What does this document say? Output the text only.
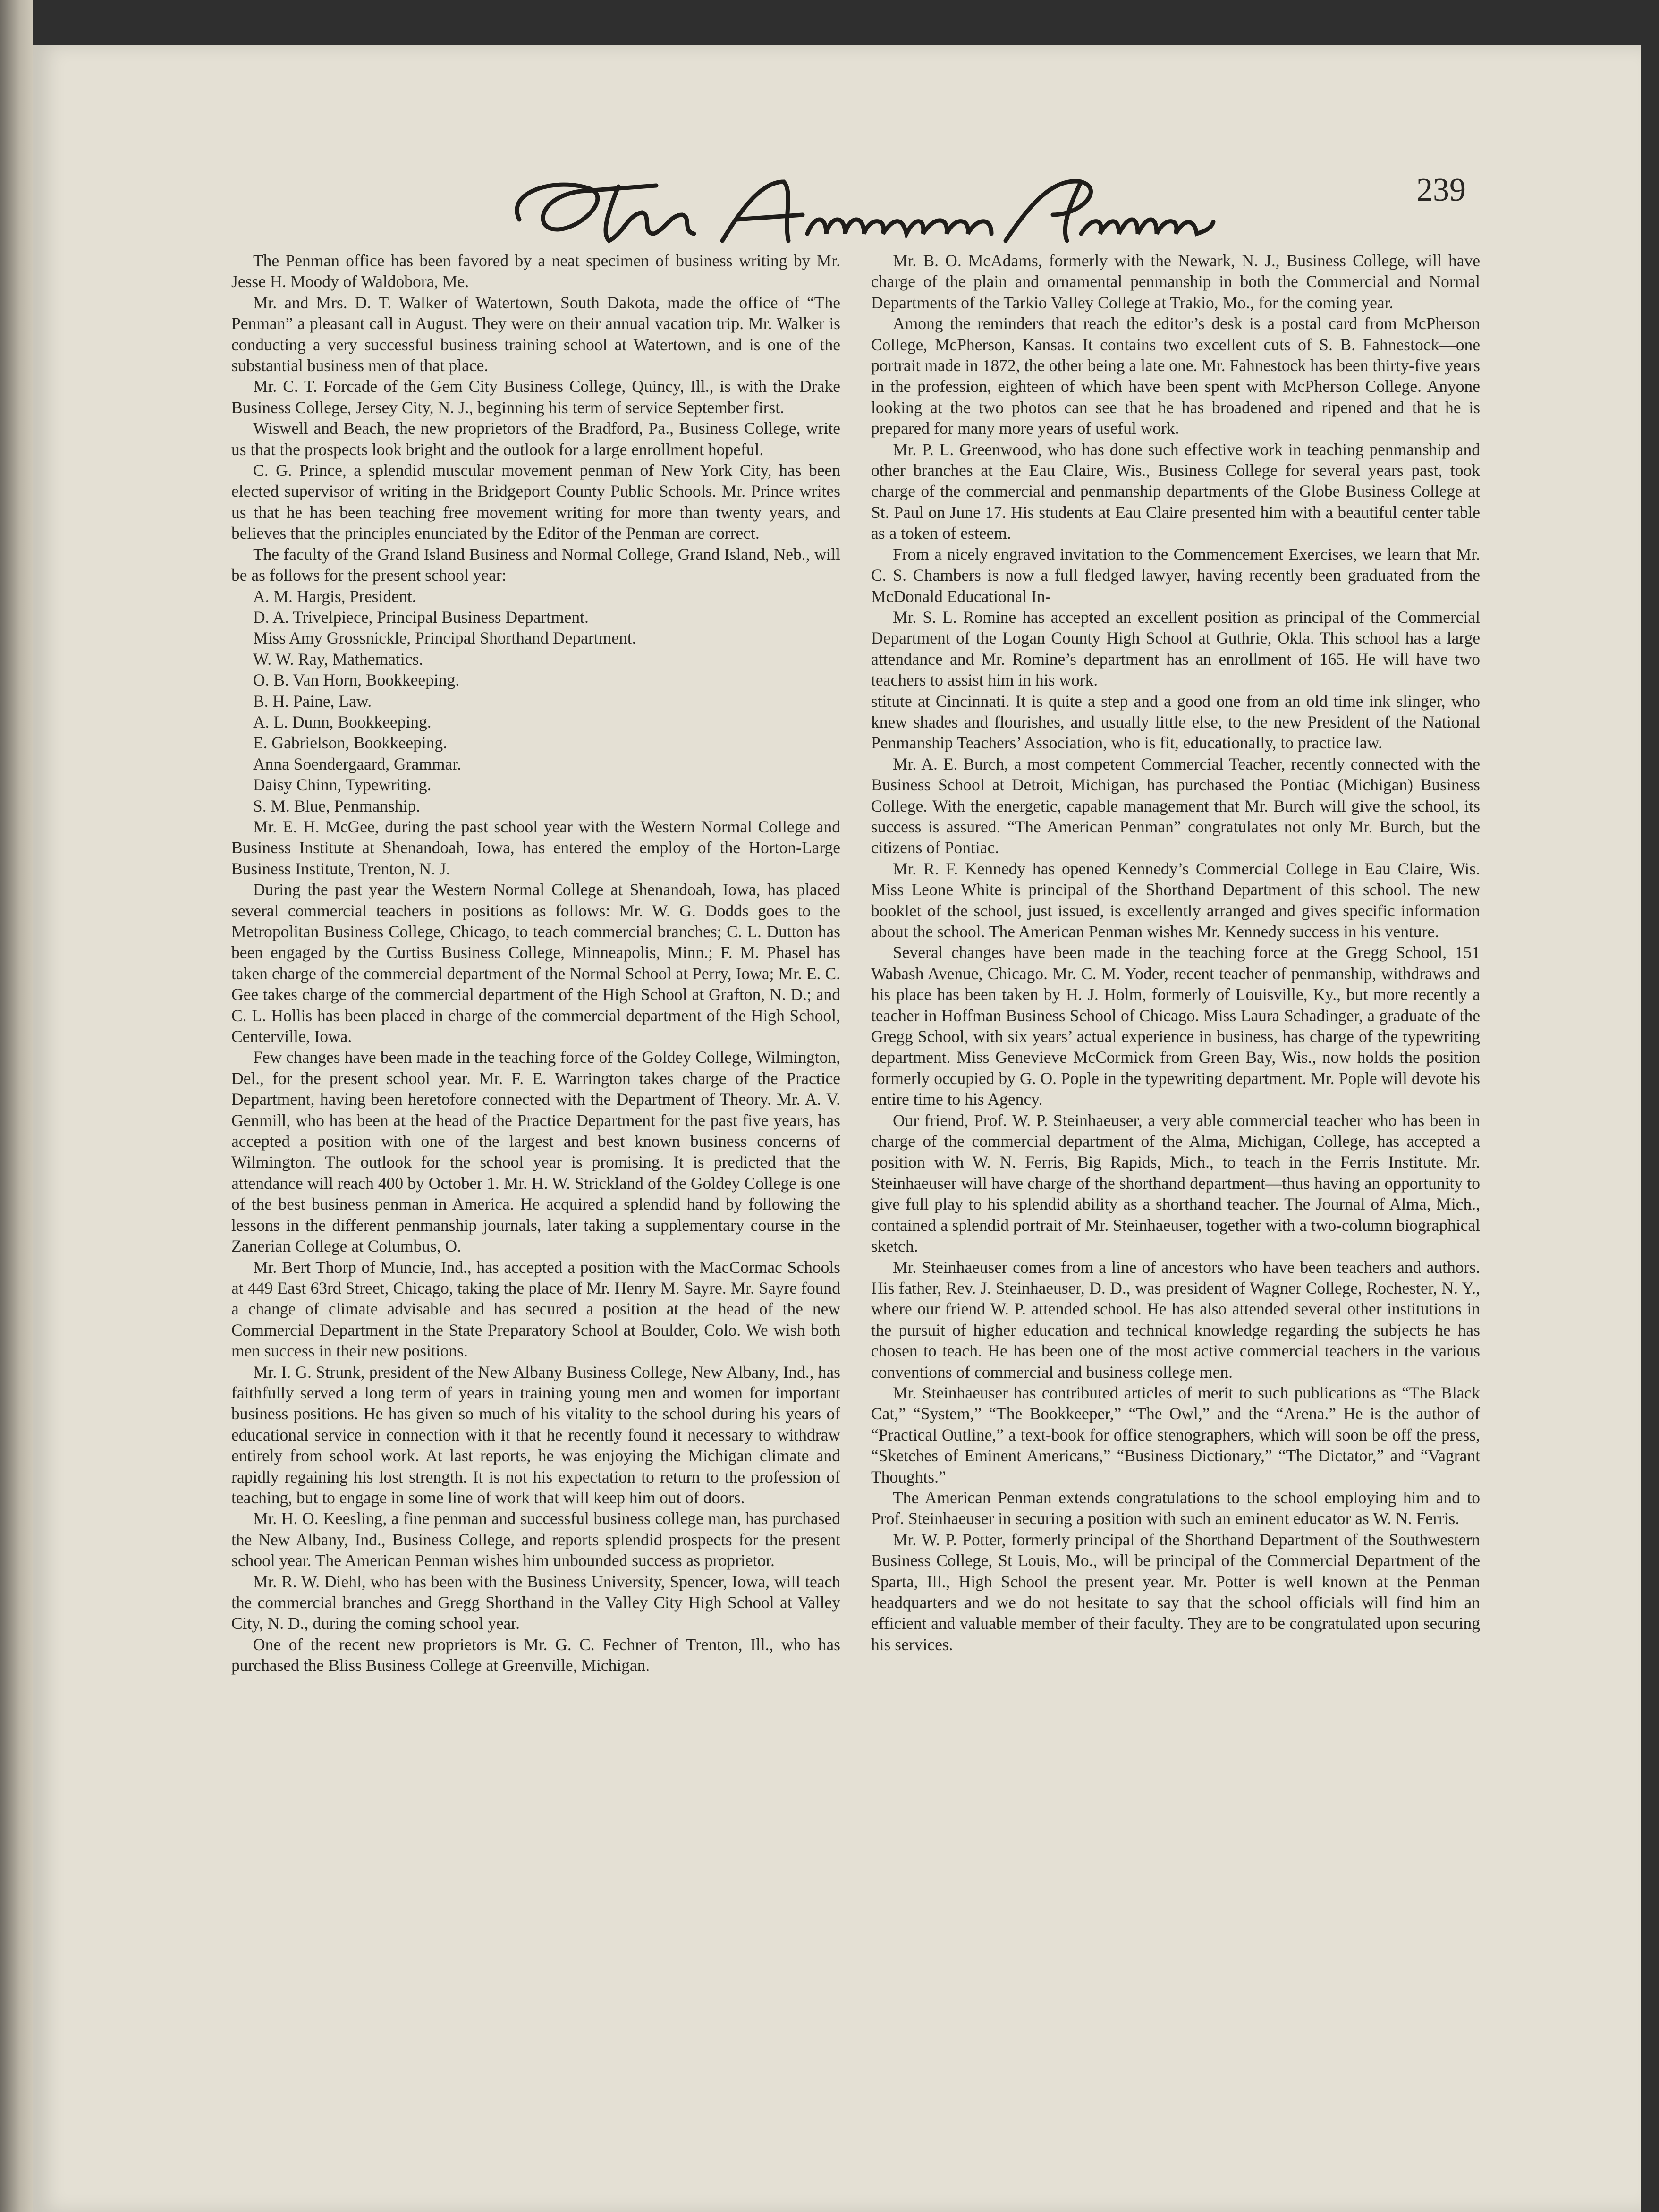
239

The Penman office has been favored by a neat specimen of business writing by Mr. Jesse H. Moody of Waldobora, Me.

Mr. and Mrs. D. T. Walker of Watertown, South Dakota, made the office of “The Penman” a pleasant call in August. They were on their annual vacation trip. Mr. Walker is conducting a very successful business training school at Watertown, and is one of the substantial business men of that place.

Mr. C. T. Forcade of the Gem City Business College, Quincy, Ill., is with the Drake Business College, Jersey City, N. J., beginning his term of service September first.

Wiswell and Beach, the new proprietors of the Bradford, Pa., Business College, write us that the prospects look bright and the outlook for a large enrollment hopeful.

C. G. Prince, a splendid muscular movement penman of New York City, has been elected supervisor of writing in the Bridgeport County Public Schools. Mr. Prince writes us that he has been teaching free movement writing for more than twenty years, and believes that the principles enunciated by the Editor of the Penman are correct.

The faculty of the Grand Island Business and Normal College, Grand Island, Neb., will be as follows for the present school year:

A. M. Hargis, President.

D. A. Trivelpiece, Principal Business Department.

Miss Amy Grossnickle, Principal Shorthand Department.

W. W. Ray, Mathematics.

O. B. Van Horn, Bookkeeping.

B. H. Paine, Law.

A. L. Dunn, Bookkeeping.

E. Gabrielson, Bookkeeping.

Anna Soendergaard, Grammar.

Daisy Chinn, Typewriting.

S. M. Blue, Penmanship.

Mr. E. H. McGee, during the past school year with the Western Normal College and Business Institute at Shenandoah, Iowa, has entered the employ of the Horton-Large Business Institute, Trenton, N. J.

During the past year the Western Normal College at Shenandoah, Iowa, has placed several commercial teachers in positions as follows: Mr. W. G. Dodds goes to the Metropolitan Business College, Chicago, to teach commercial branches; C. L. Dutton has been engaged by the Curtiss Business College, Minneapolis, Minn.; F. M. Phasel has taken charge of the commercial department of the Normal School at Perry, Iowa; Mr. E. C. Gee takes charge of the commercial department of the High School at Grafton, N. D.; and C. L. Hollis has been placed in charge of the commercial department of the High School, Centerville, Iowa.

Few changes have been made in the teaching force of the Goldey College, Wilmington, Del., for the present school year. Mr. F. E. Warrington takes charge of the Practice Department, having been heretofore connected with the Department of Theory. Mr. A. V. Genmill, who has been at the head of the Practice Department for the past five years, has accepted a position with one of the largest and best known business concerns of Wilmington. The outlook for the school year is promising. It is predicted that the attendance will reach 400 by October 1. Mr. H. W. Strickland of the Goldey College is one of the best business penman in America. He acquired a splendid hand by following the lessons in the different penmanship journals, later taking a supplementary course in the Zanerian College at Columbus, O.

Mr. Bert Thorp of Muncie, Ind., has accepted a position with the MacCormac Schools at 449 East 63rd Street, Chicago, taking the place of Mr. Henry M. Sayre. Mr. Sayre found a change of climate advisable and has secured a position at the head of the new Commercial Department in the State Preparatory School at Boulder, Colo. We wish both men success in their new positions.

Mr. I. G. Strunk, president of the New Albany Business College, New Albany, Ind., has faithfully served a long term of years in training young men and women for important business positions. He has given so much of his vitality to the school during his years of educational service in connection with it that he recently found it necessary to withdraw entirely from school work. At last reports, he was enjoying the Michigan climate and rapidly regaining his lost strength. It is not his expectation to return to the profession of teaching, but to engage in some line of work that will keep him out of doors.

Mr. H. O. Keesling, a fine penman and successful business college man, has purchased the New Albany, Ind., Business College, and reports splendid prospects for the present school year. The American Penman wishes him unbounded success as proprietor.

Mr. R. W. Diehl, who has been with the Business University, Spencer, Iowa, will teach the commercial branches and Gregg Shorthand in the Valley City High School at Valley City, N. D., during the coming school year.

One of the recent new proprietors is Mr. G. C. Fechner of Trenton, Ill., who has purchased the Bliss Business College at Greenville, Michigan.

Mr. B. O. McAdams, formerly with the Newark, N. J., Business College, will have charge of the plain and ornamental penmanship in both the Commercial and Normal Departments of the Tarkio Valley College at Trakio, Mo., for the coming year.

Among the reminders that reach the editor’s desk is a postal card from McPherson College, McPherson, Kansas. It contains two excellent cuts of S. B. Fahnestock—one portrait made in 1872, the other being a late one. Mr. Fahnestock has been thirty-five years in the profession, eighteen of which have been spent with McPherson College. Anyone looking at the two photos can see that he has broadened and ripened and that he is prepared for many more years of useful work.

Mr. P. L. Greenwood, who has done such effective work in teaching penmanship and other branches at the Eau Claire, Wis., Business College for several years past, took charge of the commercial and penmanship departments of the Globe Business College at St. Paul on June 17. His students at Eau Claire presented him with a beautiful center table as a token of esteem.

From a nicely engraved invitation to the Commencement Exercises, we learn that Mr. C. S. Chambers is now a full fledged lawyer, having recently been graduated from the McDonald Educational In-

Mr. S. L. Romine has accepted an excellent position as principal of the Commercial Department of the Logan County High School at Guthrie, Okla. This school has a large attendance and Mr. Romine’s department has an enrollment of 165. He will have two teachers to assist him in his work.

stitute at Cincinnati. It is quite a step and a good one from an old time ink slinger, who knew shades and flourishes, and usually little else, to the new President of the National Penmanship Teachers’ Association, who is fit, educationally, to practice law.

Mr. A. E. Burch, a most competent Commercial Teacher, recently connected with the Business School at Detroit, Michigan, has purchased the Pontiac (Michigan) Business College. With the energetic, capable management that Mr. Burch will give the school, its success is assured. “The American Penman” congratulates not only Mr. Burch, but the citizens of Pontiac.

Mr. R. F. Kennedy has opened Kennedy’s Commercial College in Eau Claire, Wis. Miss Leone White is principal of the Shorthand Department of this school. The new booklet of the school, just issued, is excellently arranged and gives specific information about the school. The American Penman wishes Mr. Kennedy success in his venture.

Several changes have been made in the teaching force at the Gregg School, 151 Wabash Avenue, Chicago. Mr. C. M. Yoder, recent teacher of penmanship, withdraws and his place has been taken by H. J. Holm, formerly of Louisville, Ky., but more recently a teacher in Hoffman Business School of Chicago. Miss Laura Schadinger, a graduate of the Gregg School, with six years’ actual experience in business, has charge of the typewriting department. Miss Genevieve McCormick from Green Bay, Wis., now holds the position formerly occupied by G. O. Pople in the typewriting department. Mr. Pople will devote his entire time to his Agency.

Our friend, Prof. W. P. Steinhaeuser, a very able commercial teacher who has been in charge of the commercial department of the Alma, Michigan, College, has accepted a position with W. N. Ferris, Big Rapids, Mich., to teach in the Ferris Institute. Mr. Steinhaeuser will have charge of the shorthand department—thus having an opportunity to give full play to his splendid ability as a shorthand teacher. The Journal of Alma, Mich., contained a splendid portrait of Mr. Steinhaeuser, together with a two-column biographical sketch.

Mr. Steinhaeuser comes from a line of ancestors who have been teachers and authors. His father, Rev. J. Steinhaeuser, D. D., was president of Wagner College, Rochester, N. Y., where our friend W. P. attended school. He has also attended several other institutions in the pursuit of higher education and technical knowledge regarding the subjects he has chosen to teach. He has been one of the most active commercial teachers in the various conventions of commercial and business college men.

Mr. Steinhaeuser has contributed articles of merit to such publications as “The Black Cat,” “System,” “The Bookkeeper,” “The Owl,” and the “Arena.” He is the author of “Practical Outline,” a text-book for office stenographers, which will soon be off the press, “Sketches of Eminent Americans,” “Business Dictionary,” “The Dictator,” and “Vagrant Thoughts.”

The American Penman extends congratulations to the school employing him and to Prof. Steinhaeuser in securing a position with such an eminent educator as W. N. Ferris.

Mr. W. P. Potter, formerly principal of the Shorthand Department of the Southwestern Business College, St Louis, Mo., will be principal of the Commercial Department of the Sparta, Ill., High School the present year. Mr. Potter is well known at the Penman headquarters and we do not hesitate to say that the school officials will find him an efficient and valuable member of their faculty. They are to be congratulated upon securing his services.
